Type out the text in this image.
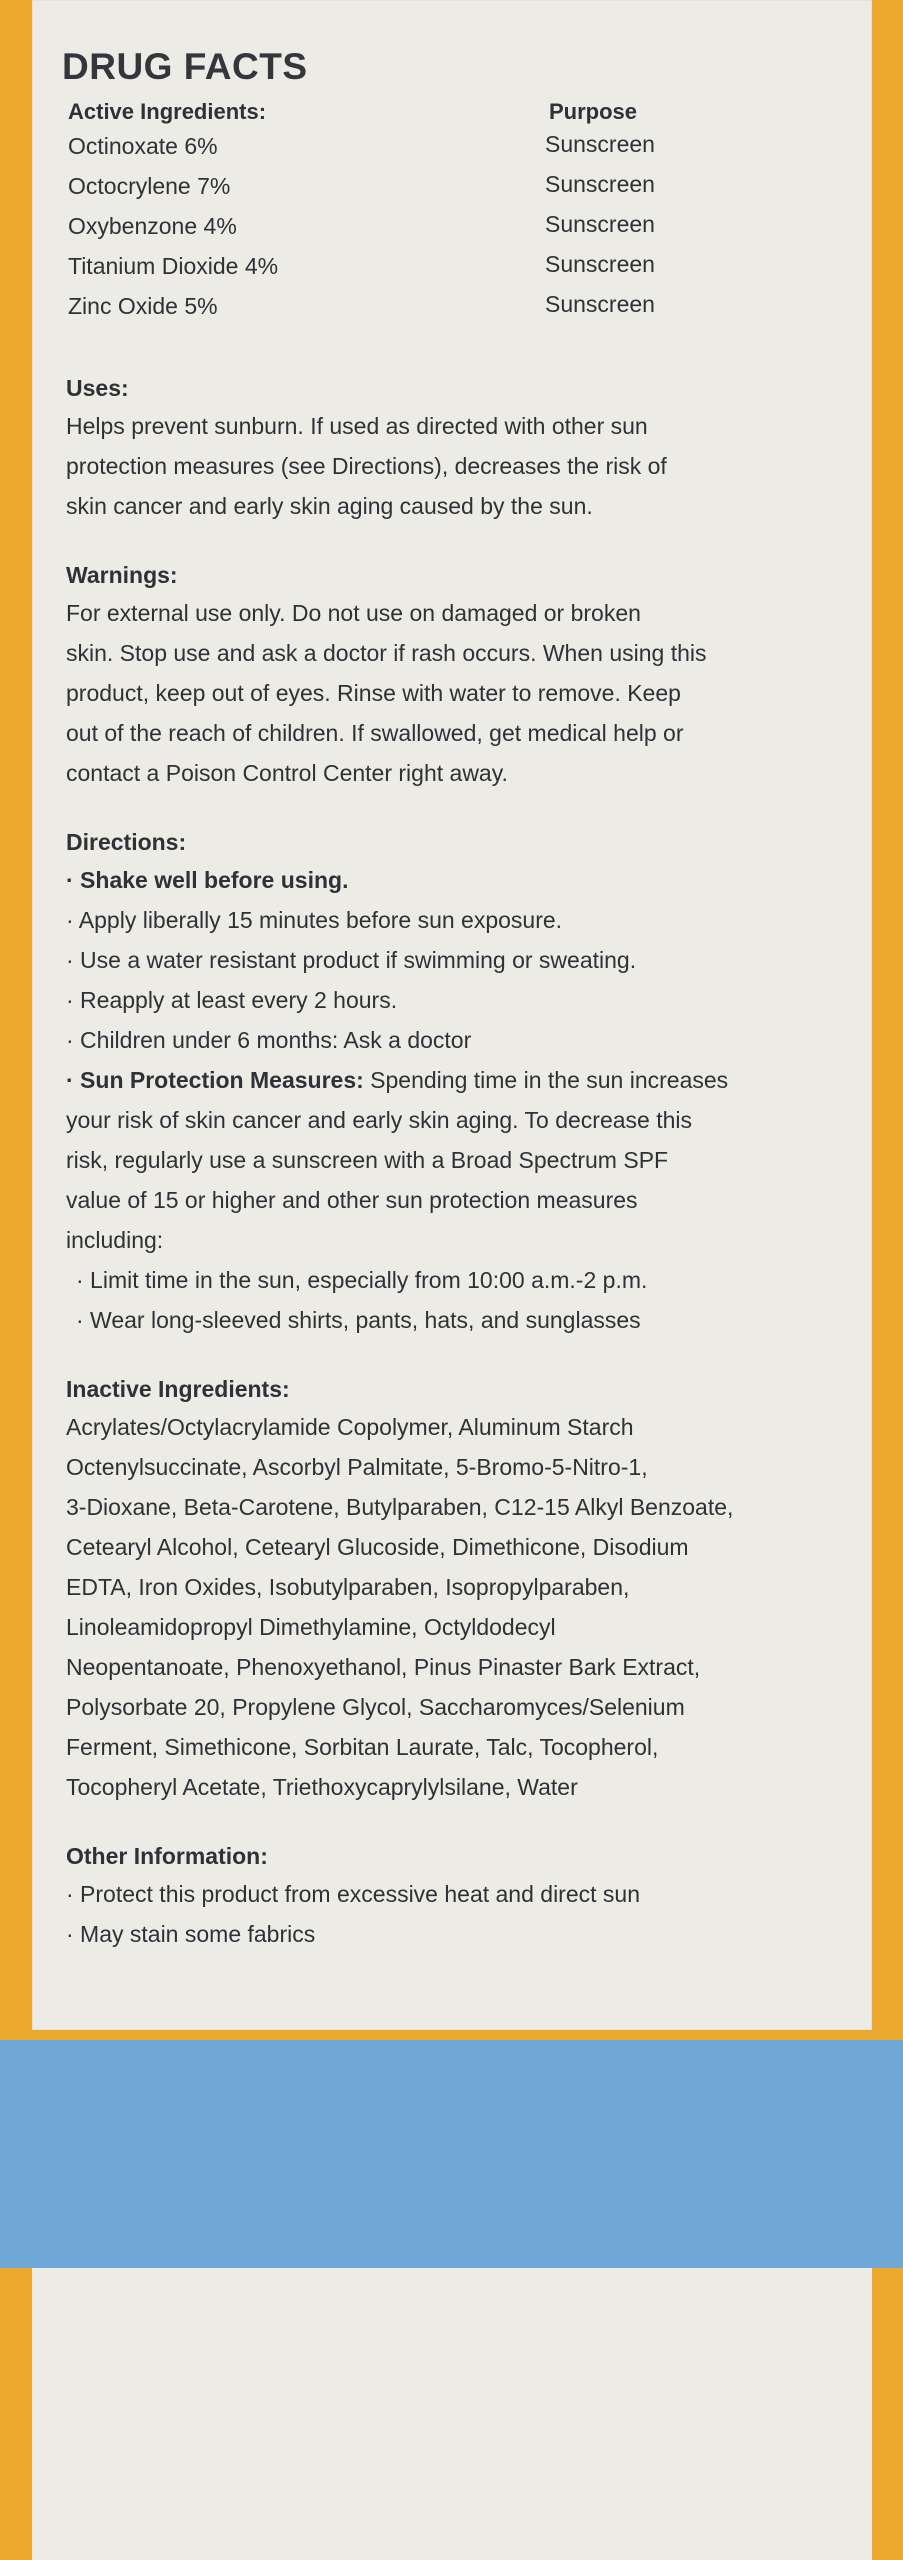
DRUG FACTS
Active Ingredients:	Purpose
Octinoxate 6%	Sunscreen
Octocrylene 7%	Sunscreen
Oxybenzone 4%	Sunscreen
Titanium Dioxide 4%	Sunscreen
Zinc Oxide 5%	Sunscreen
Uses:
Helps prevent sunburn. If used as directed with other sun
protection measures (see Directions), decreases the risk of
skin cancer and early skin aging caused by the sun.
Warnings:
For external use only. Do not use on damaged or broken
skin. Stop use and ask a doctor if rash occurs. When using this
product, keep out of eyes. Rinse with water to remove. Keep
out of the reach of children. If swallowed, get medical help or
contact a Poison Control Center right away.
Directions:
· Shake well before using.
· Apply liberally 15 minutes before sun exposure.
· Use a water resistant product if swimming or sweating.
· Reapply at least every 2 hours.
· Children under 6 months: Ask a doctor
· Sun Protection Measures: Spending time in the sun increases
your risk of skin cancer and early skin aging. To decrease this
risk, regularly use a sunscreen with a Broad Spectrum SPF
value of 15 or higher and other sun protection measures
including:
· Limit time in the sun, especially from 10:00 a.m.-2 p.m.
· Wear long-sleeved shirts, pants, hats, and sunglasses
Inactive Ingredients:
Acrylates/Octylacrylamide Copolymer, Aluminum Starch
Octenylsuccinate, Ascorbyl Palmitate, 5-Bromo-5-Nitro-1,
3-Dioxane, Beta-Carotene, Butylparaben, C12-15 Alkyl Benzoate,
Cetearyl Alcohol, Cetearyl Glucoside, Dimethicone, Disodium
EDTA, Iron Oxides, Isobutylparaben, Isopropylparaben,
Linoleamidopropyl Dimethylamine, Octyldodecyl
Neopentanoate, Phenoxyethanol, Pinus Pinaster Bark Extract,
Polysorbate 20, Propylene Glycol, Saccharomyces/Selenium
Ferment, Simethicone, Sorbitan Laurate, Talc, Tocopherol,
Tocopheryl Acetate, Triethoxycaprylylsilane, Water
Other Information:
· Protect this product from excessive heat and direct sun
· May stain some fabrics
